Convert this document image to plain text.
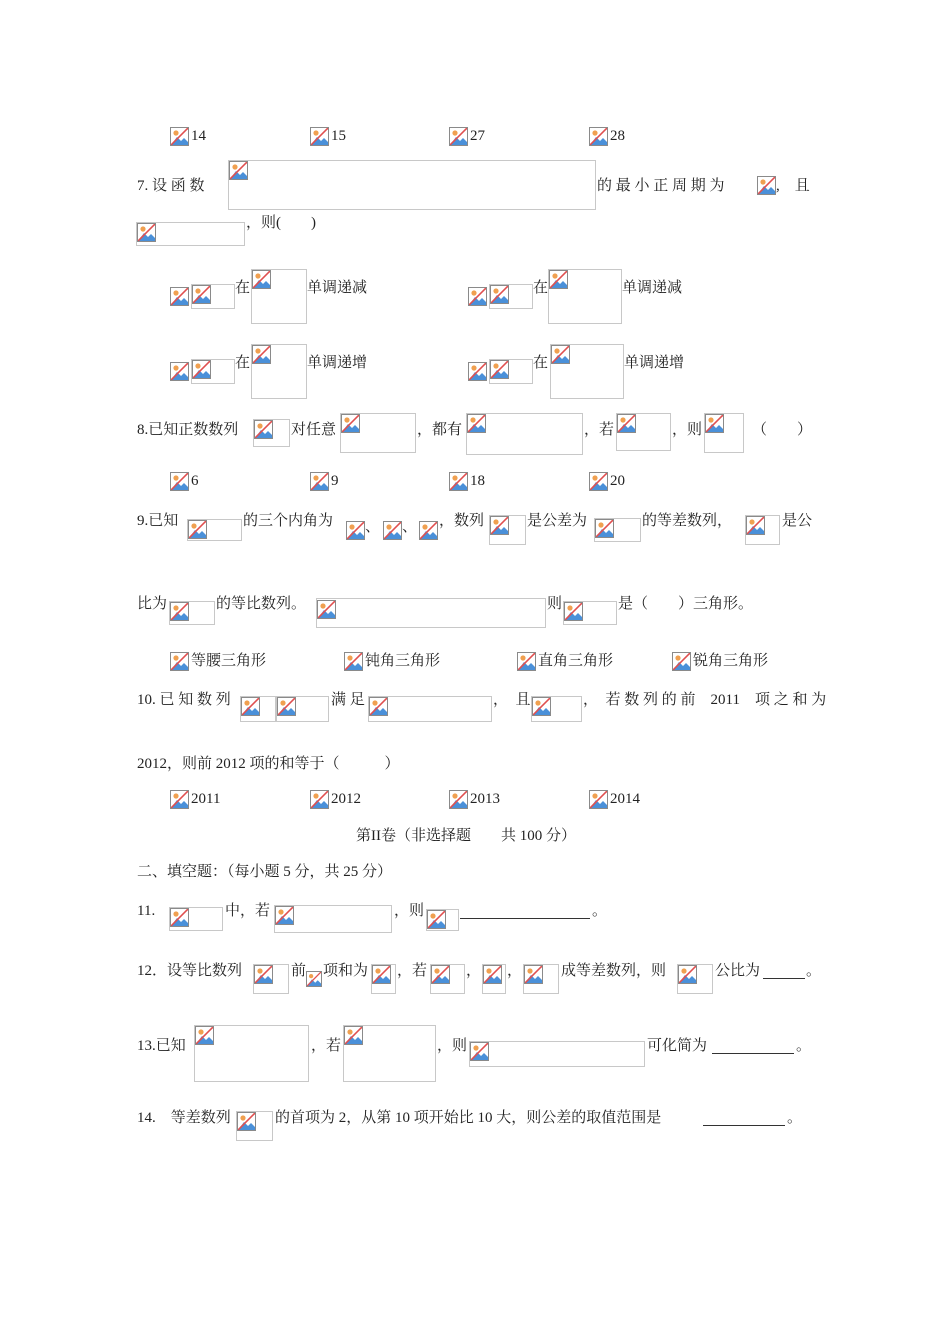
14	15	27	28
7. 设 函 数	的 最 小 正 周 期 为	,　且
，则(　　)
在	单调递减	在	单调递减
在	单调递增	在	单调递增
8.已知正数数列	对任意	，都有	，若	，则	（　　）
6	9	18	20
9.已知	的三个内角为 、 、 ，数列	是公差为	的等差数列，	是公
比为	的等比数列。	则	是（　　）三角形。
等腰三角形	钝角三角形	直角三角形	锐角三角形
10. 已 知 数 列	满 足	，　且	，　若 数 列 的 前　2011　项 之 和 为
2012，则前 2012 项的和等于（　　　）
2011	2012	2013	2014
第II卷（非选择题　　共 100 分）
二、填空题：（每小题 5 分，共 25 分）
11.	中，若	，则	。
12．设等比数列	前 项和为 ，若	， ，	成等差数列，则	公比为	。
13.已知	，若	，则	可化简为	。
14.　等差数列	的首项为 2，从第 10 项开始比 10 大，则公差的取值范围是	。
